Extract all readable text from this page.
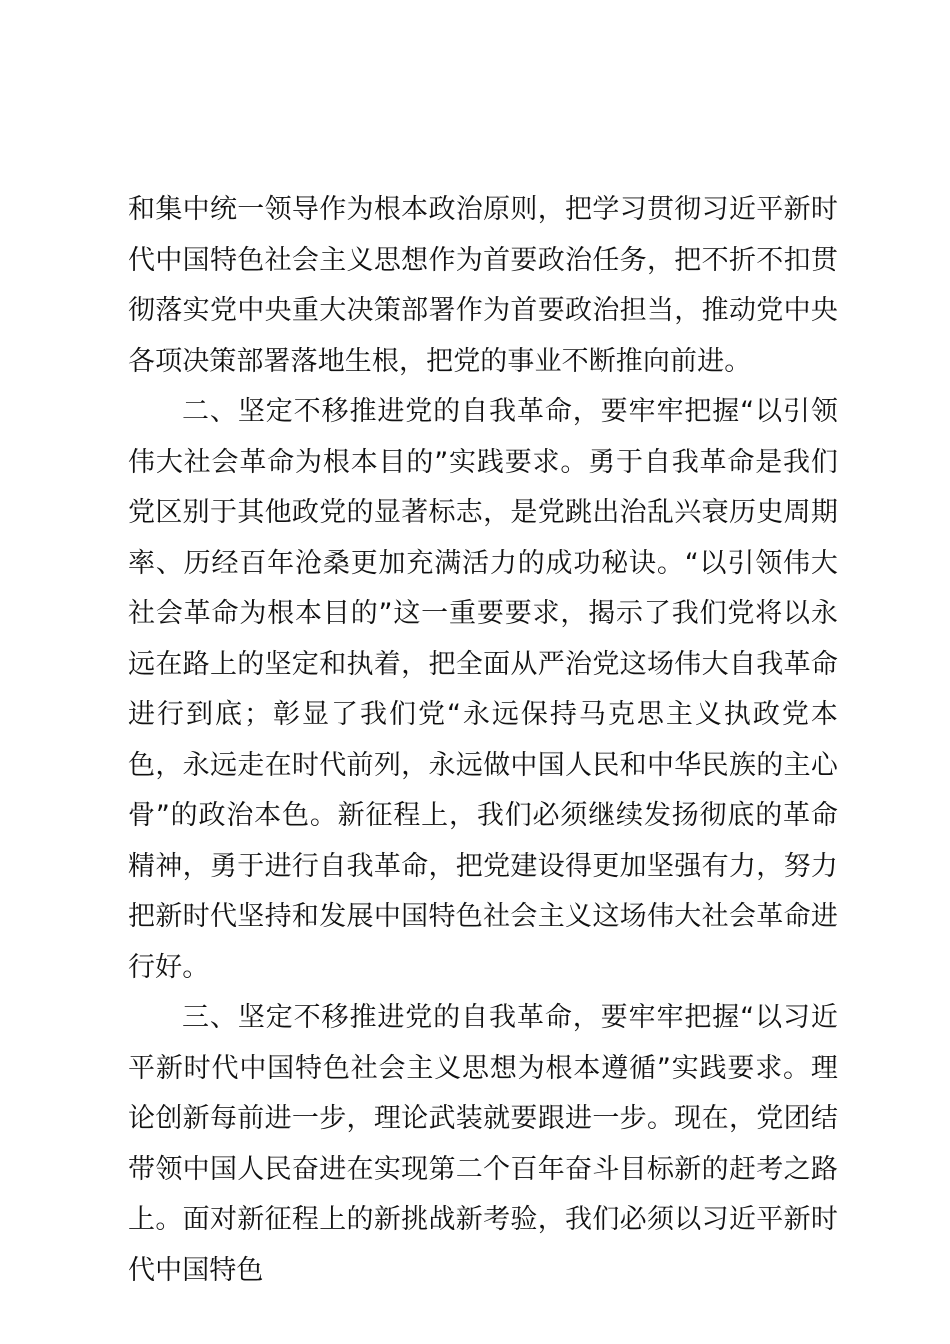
和集中统一领导作为根本政治原则，把学习贯彻习近平新时代中国特色社会主义思想作为首要政治任务，把不折不扣贯彻落实党中央重大决策部署作为首要政治担当，推动党中央各项决策部署落地生根，把党的事业不断推向前进。

二、坚定不移推进党的自我革命，要牢牢把握“以引领伟大社会革命为根本目的”实践要求。勇于自我革命是我们党区别于其他政党的显著标志，是党跳出治乱兴衰历史周期率、历经百年沧桑更加充满活力的成功秘诀。“以引领伟大社会革命为根本目的”这一重要要求，揭示了我们党将以永远在路上的坚定和执着，把全面从严治党这场伟大自我革命进行到底；彰显了我们党“永远保持马克思主义执政党本色，永远走在时代前列，永远做中国人民和中华民族的主心骨”的政治本色。新征程上，我们必须继续发扬彻底的革命精神，勇于进行自我革命，把党建设得更加坚强有力，努力把新时代坚持和发展中国特色社会主义这场伟大社会革命进行好。

三、坚定不移推进党的自我革命，要牢牢把握“以习近平新时代中国特色社会主义思想为根本遵循”实践要求。理论创新每前进一步，理论武装就要跟进一步。现在，党团结带领中国人民奋进在实现第二个百年奋斗目标新的赶考之路上。面对新征程上的新挑战新考验，我们必须以习近平新时代中国特色
